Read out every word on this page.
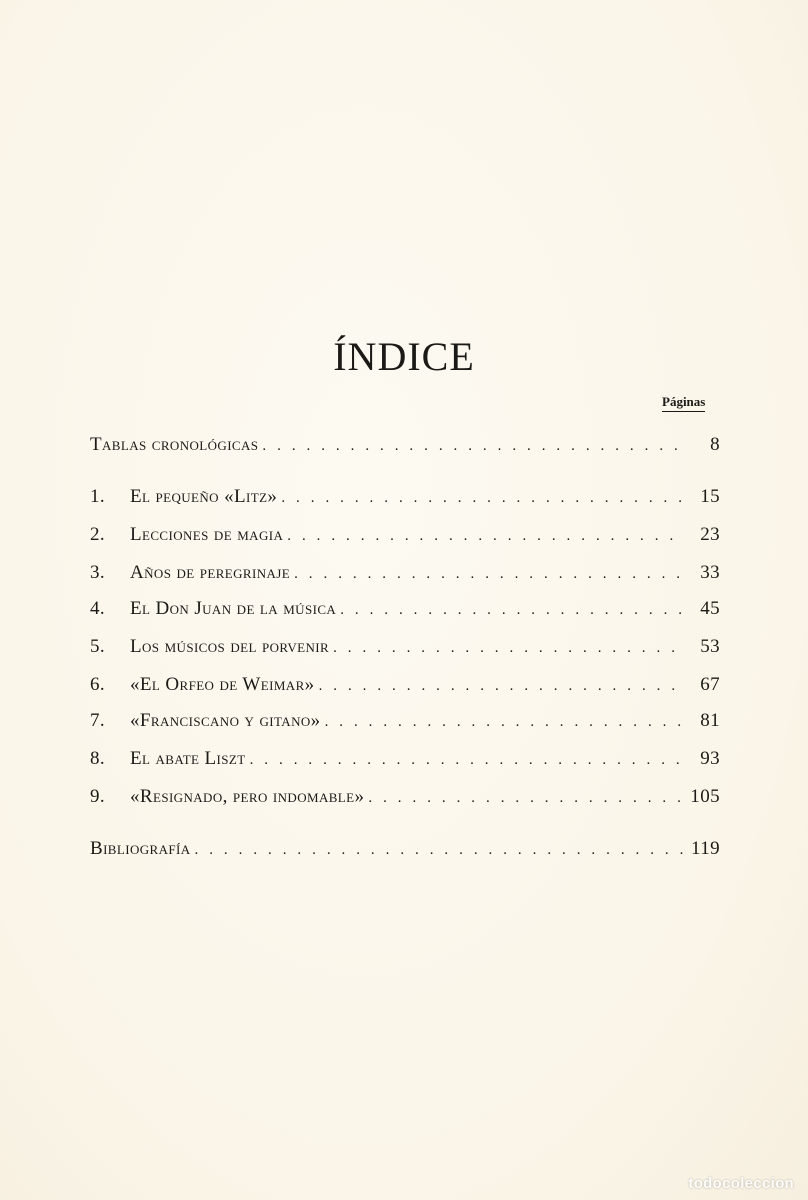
ÍNDICE
Páginas
Tablas cronológicas . . .	8
1.	El pequeño «Litz» . . .	15
2.	Lecciones de magia . . .	23
3.	Años de peregrinaje . . .	33
4.	El Don Juan de la música . . .	45
5.	Los músicos del porvenir . . .	53
6.	«El Orfeo de Weimar» . . .	67
7.	«Franciscano y gitano» . . .	81
8.	El abate Liszt . . .	93
9.	«Resignado, pero indomable» . . .	105
Bibliografía . . .	119
todocoleccion
